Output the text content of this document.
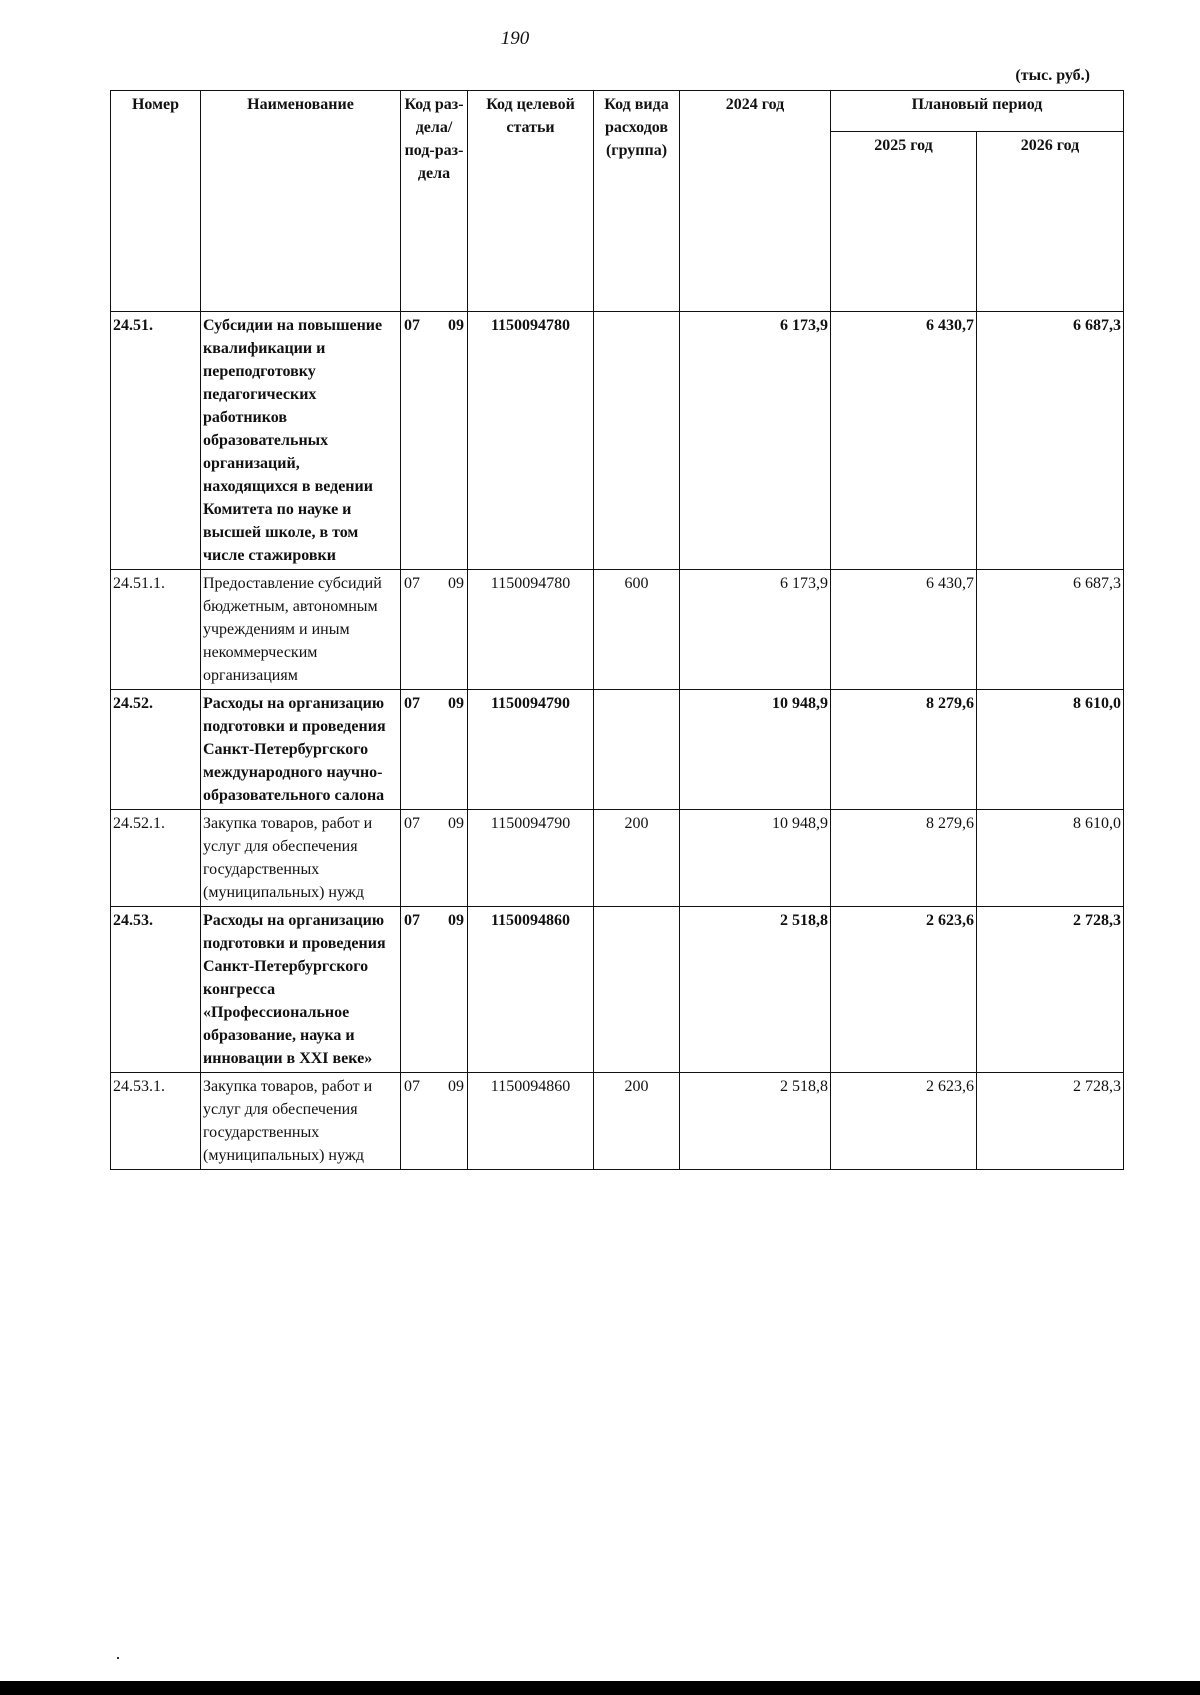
190
(тыс. руб.)
Номер	Наименование	Код раз-дела/ под-раз-дела	Код целевой статьи	Код вида расходов (группа)	2024 год	Плановый период	
						2025 год	2026 год
24.51.	Субсидии на повышение квалификации и переподготовку педагогических работников образовательных организаций, находящихся в ведении Комитета по науке и высшей школе, в том числе стажировки	07 09	1150094780		6 173,9	6 430,7	6 687,3
24.51.1.	Предоставление субсидий бюджетным, автономным учреждениям и иным некоммерческим организациям	07 09	1150094780	600	6 173,9	6 430,7	6 687,3
24.52.	Расходы на организацию подготовки и проведения Санкт-Петербургского международного научно-образовательного салона	07 09	1150094790		10 948,9	8 279,6	8 610,0
24.52.1.	Закупка товаров, работ и услуг для обеспечения государственных (муниципальных) нужд	07 09	1150094790	200	10 948,9	8 279,6	8 610,0
24.53.	Расходы на организацию подготовки и проведения Санкт-Петербургского конгресса «Профессиональное образование, наука и инновации в XXI веке»	07 09	1150094860		2 518,8	2 623,6	2 728,3
24.53.1.	Закупка товаров, работ и услуг для обеспечения государственных (муниципальных) нужд	07 09	1150094860	200	2 518,8	2 623,6	2 728,3
